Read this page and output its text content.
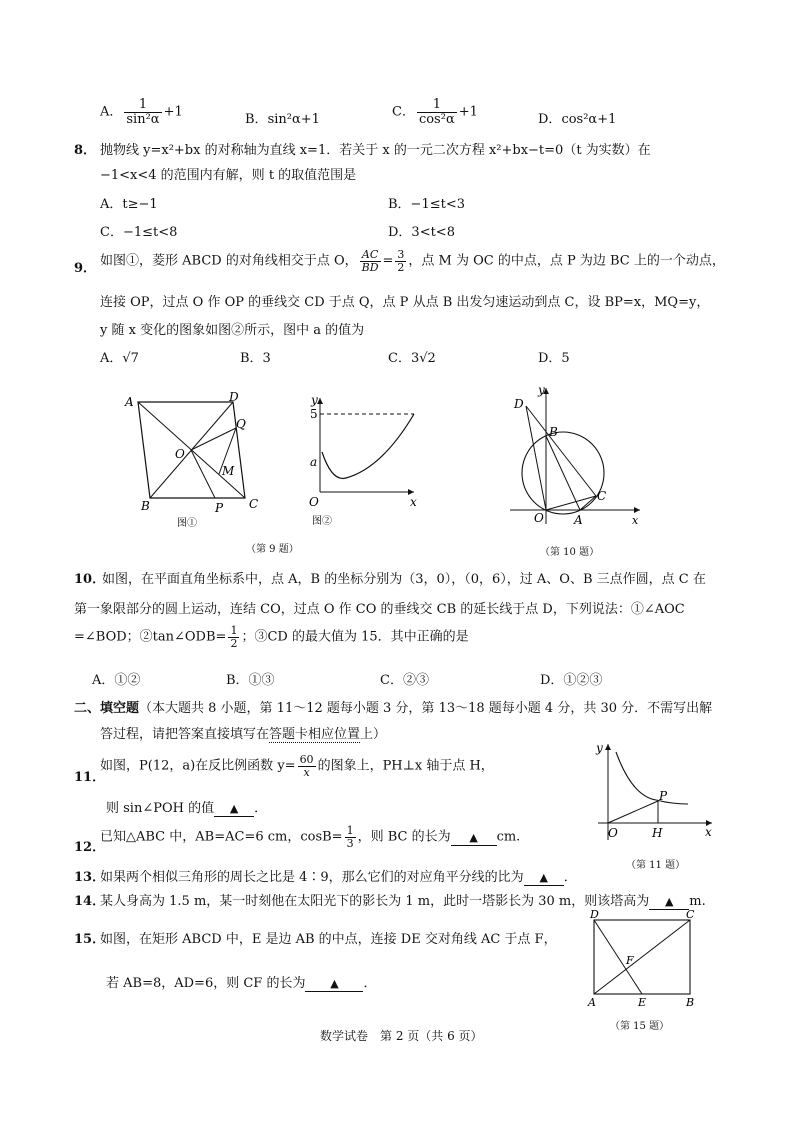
A． $\frac{1}{\text{sin²α}} +1$	B．sin²α+1	C． $\frac{1}{\text{cos²α}} +1$	D．cos²α+1
8． 抛物线 y=x²+bx 的对称轴为直线 x=1．若关于 x 的一元二次方程 x²+bx−t=0（t 为实数）在
−1<x<4 的范围内有解，则 t 的取值范围是
A．t≥−1	B．−1≤t<3
C．−1≤t<8	D．3<t<8
9． 如图①，菱形 ABCD 的对角线相交于点 O， $\frac{AC}{BD} = \frac{3}{2}$ ，点 M 为 OC 的中点，点 P 为边 BC 上的一个动点，
连接 OP，过点 O 作 OP 的垂线交 CD 于点 Q，点 P 从点 B 出发匀速运动到点 C，设 BP=x，MQ=y，
y 随 x 变化的图象如图②所示，图中 a 的值为
A．√7	B．3	C．3√2	D．5
A	D
Q
O
M
B	P C
图①
y
5
a
O	x
图②
（第 9 题）
y
D
B
C
O	A	x
（第 10 题）
10．
如图，在平面直角坐标系中，点 A，B 的坐标分别为（3，0），（0，6），过 A、O、B 三点作圆，点 C 在
第一象限部分的圆上运动，连结 CO，过点 O 作 CO 的垂线交 CB 的延长线于点 D，下列说法：①∠AOC
=∠BOD；②tan∠ODB= $\frac{1}{2}$ ；③CD 的最大值为 15．其中正确的是
A．①②	B．①③	C．②③	D．①②③
二、填空题（本大题共 8 小题，第 11～12 题每小题 3 分，第 13～18 题每小题 4 分，共 30 分．不需写出解
答过程，请把答案直接填写在答题卡相应位置上）
11．
如图，P(12，a)在反比例函数 $y= \frac{60}{x}$ 的图象上，PH⊥x 轴于点 H，
则 sin∠POH 的值 ▲ ．
y
P
O	H	x
（第 11 题）
12．
已知△ABC 中，AB=AC=6 cm，$\cos B= \frac{1}{3}$ ，则 BC 的长为 ▲ cm.
13．
如果两个相似三角形的周长之比是 4∶9，那么它们的对应角平分线的比为 ▲ ．
14．
某人身高为 1.5 m，某一时刻他在太阳光下的影长为 1 m，此时一塔影长为 30 m，则该塔高为 ▲ m.
15．
如图，在矩形 ABCD 中，E 是边 AB 的中点，连接 DE 交对角线 AC 于点 F，
若 AB=8，AD=6，则 CF 的长为 ▲ ．
D	C
F
A	E	B
（第 15 题）
数学试卷　第 2 页（共 6 页）
